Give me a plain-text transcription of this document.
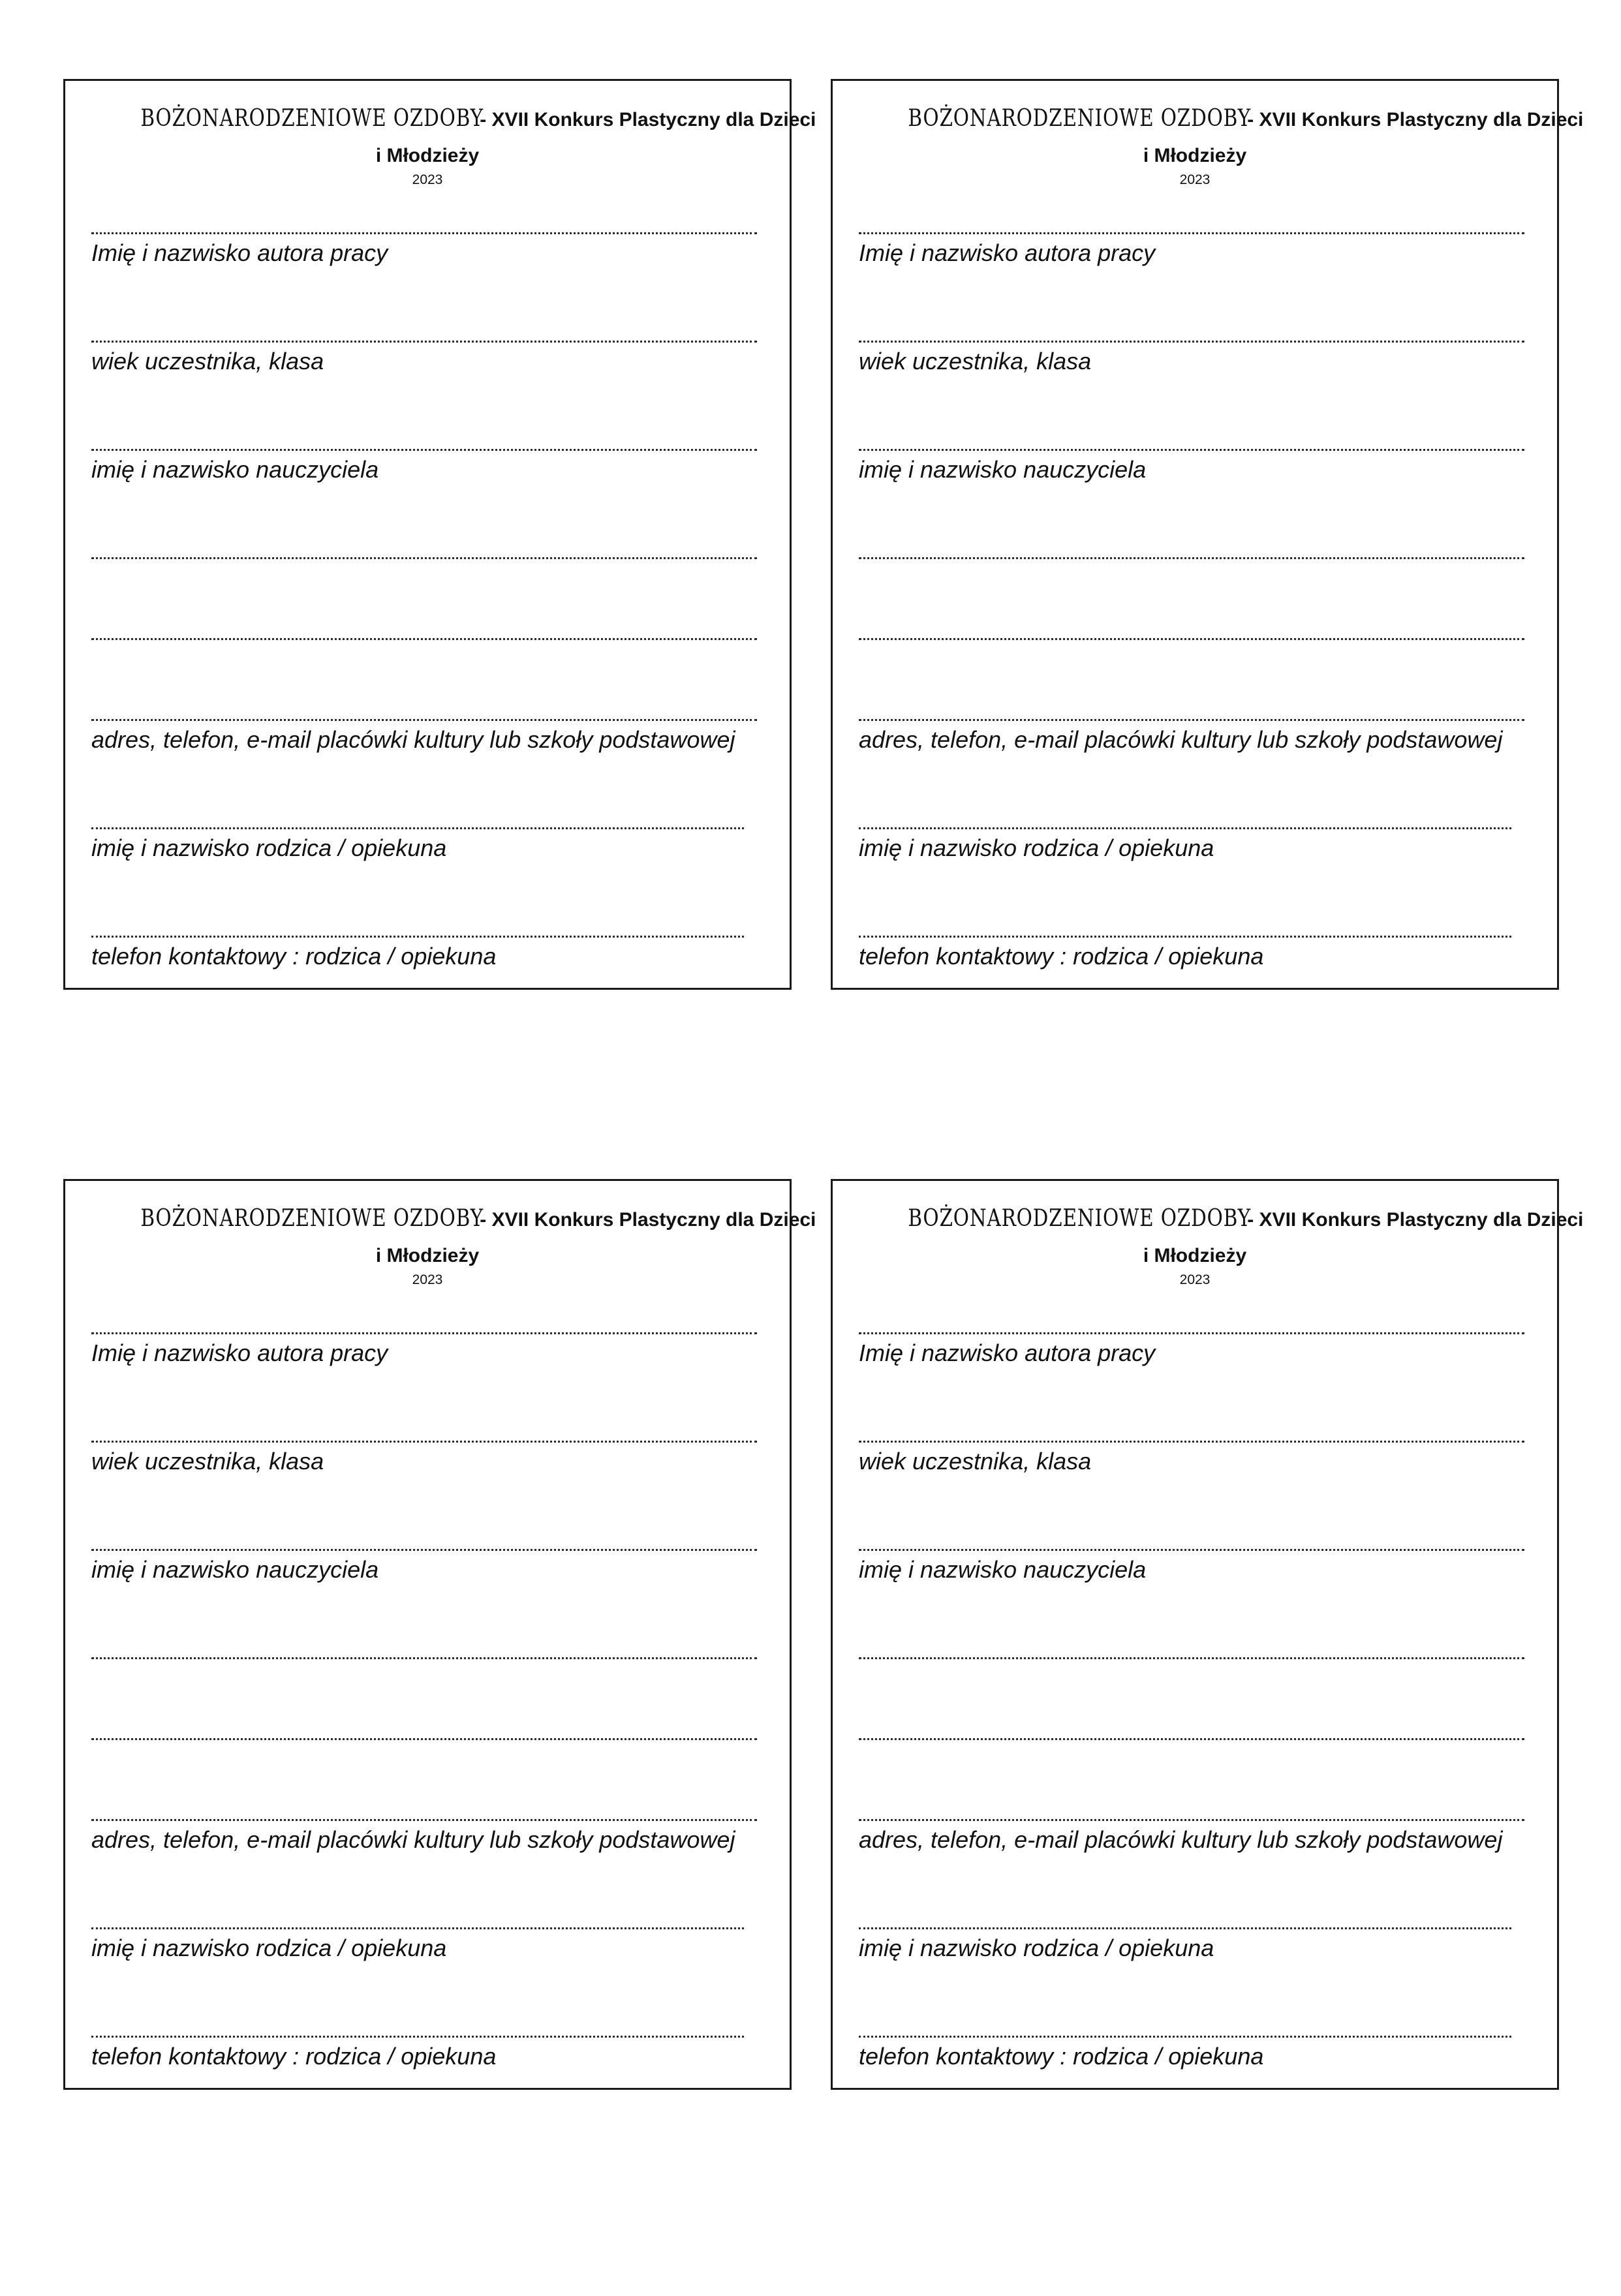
BOŻONARODZENIOWE OZDOBY - XVII Konkurs Plastyczny dla Dzieci
i Młodzieży
2023
Imię i nazwisko autora pracy
wiek uczestnika, klasa
imię i nazwisko nauczyciela
adres, telefon, e-mail placówki kultury lub szkoły podstawowej
imię i nazwisko rodzica / opiekuna
telefon kontaktowy : rodzica / opiekuna
BOŻONARODZENIOWE OZDOBY - XVII Konkurs Plastyczny dla Dzieci
i Młodzieży
2023
Imię i nazwisko autora pracy
wiek uczestnika, klasa
imię i nazwisko nauczyciela
adres, telefon, e-mail placówki kultury lub szkoły podstawowej
imię i nazwisko rodzica / opiekuna
telefon kontaktowy : rodzica / opiekuna
BOŻONARODZENIOWE OZDOBY - XVII Konkurs Plastyczny dla Dzieci
i Młodzieży
2023
Imię i nazwisko autora pracy
wiek uczestnika, klasa
imię i nazwisko nauczyciela
adres, telefon, e-mail placówki kultury lub szkoły podstawowej
imię i nazwisko rodzica / opiekuna
telefon kontaktowy : rodzica / opiekuna
BOŻONARODZENIOWE OZDOBY - XVII Konkurs Plastyczny dla Dzieci
i Młodzieży
2023
Imię i nazwisko autora pracy
wiek uczestnika, klasa
imię i nazwisko nauczyciela
adres, telefon, e-mail placówki kultury lub szkoły podstawowej
imię i nazwisko rodzica / opiekuna
telefon kontaktowy : rodzica / opiekuna
